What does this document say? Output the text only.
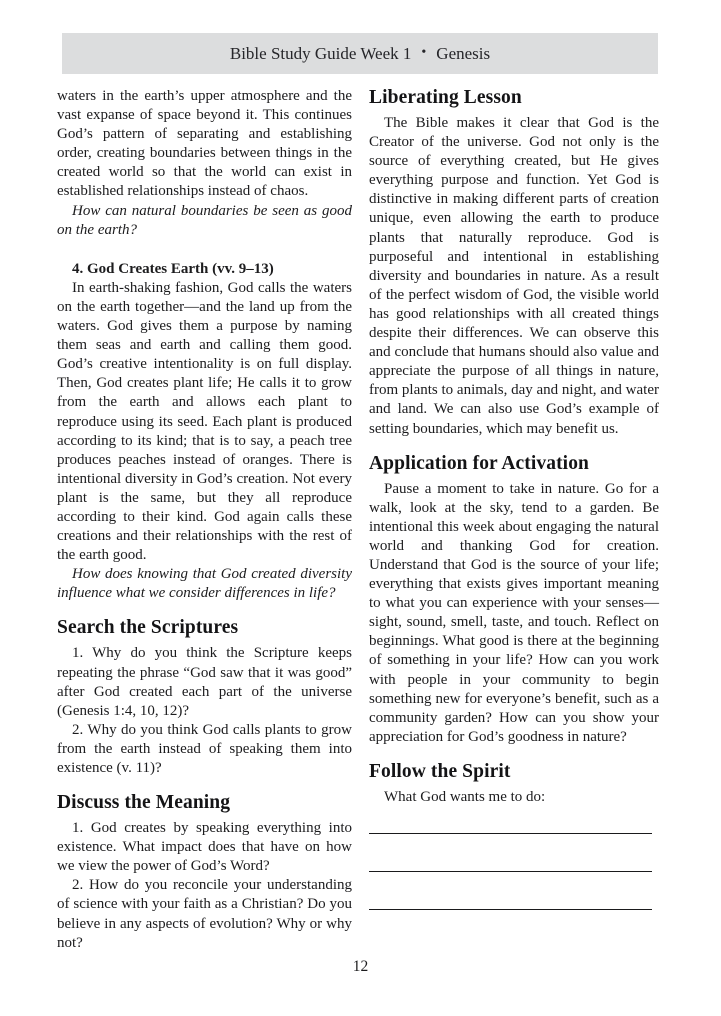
Bible Study Guide Week 1 • Genesis

waters in the earth’s upper atmosphere and the vast expanse of space beyond it. This continues God’s pattern of separating and establishing order, creating boundaries between things in the created world so that the world can exist in established relationships instead of chaos.

How can natural boundaries be seen as good on the earth?

4. God Creates Earth (vv. 9–13)

In earth-shaking fashion, God calls the waters on the earth together—and the land up from the waters. God gives them a purpose by naming them seas and earth and calling them good. God’s creative intentionality is on full display. Then, God creates plant life; He calls it to grow from the earth and allows each plant to reproduce using its seed. Each plant is produced according to its kind; that is to say, a peach tree produces peaches instead of oranges. There is intentional diversity in God’s creation. Not every plant is the same, but they all reproduce according to their kind. God again calls these creations and their relationships with the rest of the earth good.

How does knowing that God created diversity influence what we consider differences in life?

Search the Scriptures

1. Why do you think the Scripture keeps repeating the phrase “God saw that it was good” after God created each part of the universe (Genesis 1:4, 10, 12)?

2. Why do you think God calls plants to grow from the earth instead of speaking them into existence (v. 11)?

Discuss the Meaning

1. God creates by speaking everything into existence. What impact does that have on how we view the power of God’s Word?

2. How do you reconcile your understanding of science with your faith as a Christian? Do you believe in any aspects of evolution? Why or why not?

Liberating Lesson

The Bible makes it clear that God is the Creator of the universe. God not only is the source of everything created, but He gives everything purpose and function. Yet God is distinctive in making different parts of creation unique, even allowing the earth to produce plants that naturally reproduce. God is purposeful and intentional in establishing diversity and boundaries in nature. As a result of the perfect wisdom of God, the visible world has good relationships with all created things despite their differences. We can observe this and conclude that humans should also value and appreciate the purpose of all things in nature, from plants to animals, day and night, and water and land. We can also use God’s example of setting boundaries, which may benefit us.

Application for Activation

Pause a moment to take in nature. Go for a walk, look at the sky, tend to a garden. Be intentional this week about engaging the natural world and thanking God for creation. Understand that God is the source of your life; everything that exists gives important meaning to what you can experience with your senses—sight, sound, smell, taste, and touch. Reflect on beginnings. What good is there at the beginning of something in your life? How can you work with people in your community to begin something new for everyone’s benefit, such as a community garden? How can you show your appreciation for God’s goodness in nature?

Follow the Spirit

What God wants me to do:

12
